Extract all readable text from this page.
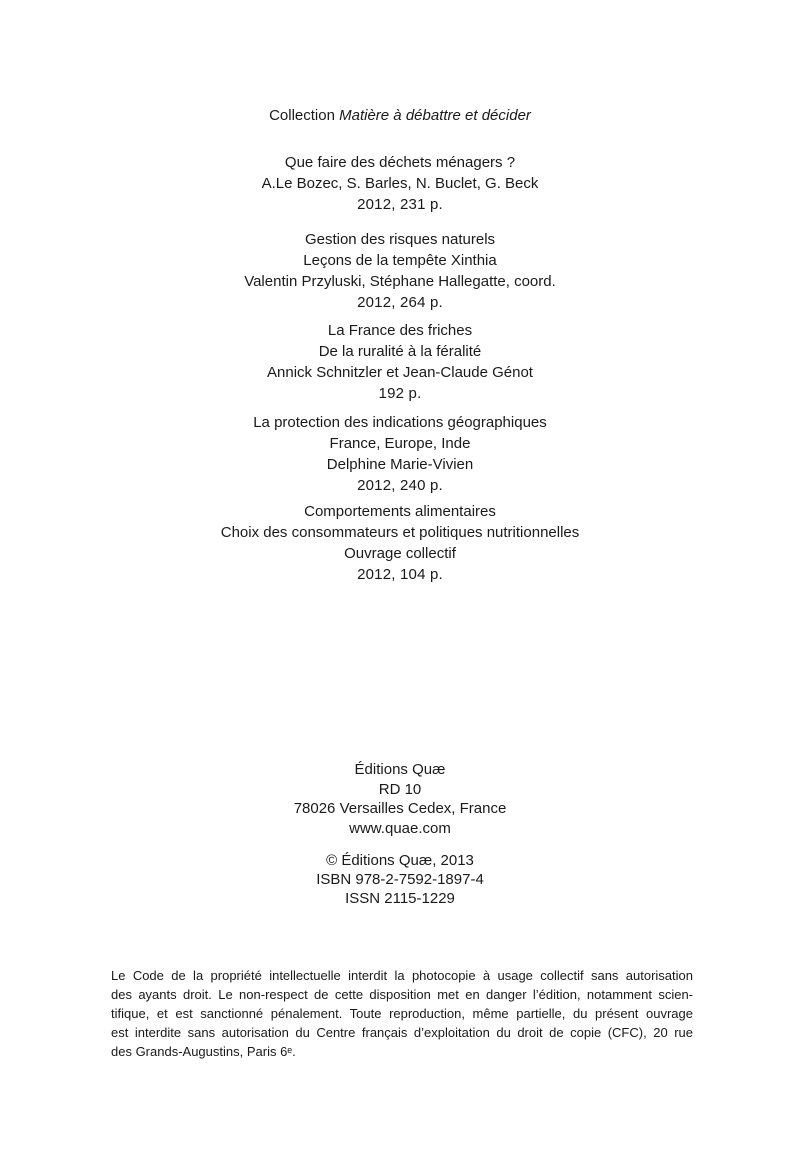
Collection Matière à débattre et décider
Que faire des déchets ménagers ?
A.Le Bozec, S. Barles, N. Buclet, G. Beck
2012, 231 p.
Gestion des risques naturels
Leçons de la tempête Xinthia
Valentin Przyluski, Stéphane Hallegatte, coord.
2012, 264 p.
La France des friches
De la ruralité à la féralité
Annick Schnitzler et Jean-Claude Génot
192 p.
La protection des indications géographiques
France, Europe, Inde
Delphine Marie-Vivien
2012, 240 p.
Comportements alimentaires
Choix des consommateurs et politiques nutritionnelles
Ouvrage collectif
2012, 104 p.
Éditions Quæ
RD 10
78026 Versailles Cedex, France
www.quae.com
© Éditions Quæ, 2013
ISBN 978-2-7592-1897-4
ISSN 2115-1229
Le Code de la propriété intellectuelle interdit la photocopie à usage collectif sans autorisation
des ayants droit. Le non-respect de cette disposition met en danger l’édition, notamment scien-
tifique, et est sanctionné pénalement. Toute reproduction, même partielle, du présent ouvrage
est interdite sans autorisation du Centre français d’exploitation du droit de copie (CFC), 20 rue
des Grands-Augustins, Paris 6ᵉ.
